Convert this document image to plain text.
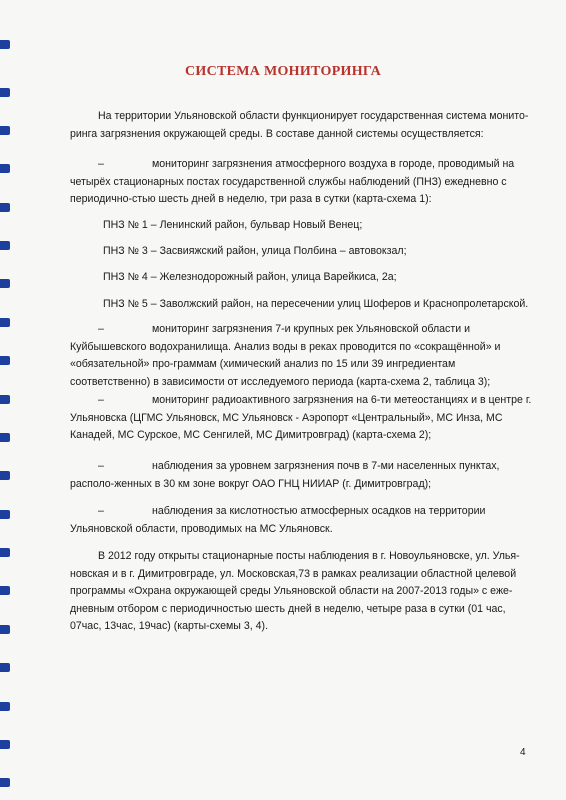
СИСТЕМА МОНИТОРИНГА
На территории Ульяновской области функционирует государственная система монито-ринга загрязнения окружающей среды. В составе данной системы осуществляется:
–	мониторинг загрязнения атмосферного воздуха в городе, проводимый на четырёх стационарных постах государственной службы наблюдений (ПНЗ) ежедневно с периодично-стью шесть дней в неделю, три раза в сутки (карта-схема 1):
ПНЗ № 1 – Ленинский район, бульвар Новый Венец;
ПНЗ № 3 – Засвияжский район, улица Полбина – автовокзал;
ПНЗ № 4 – Железнодорожный район, улица Варейкиса, 2а;
ПНЗ № 5 – Заволжский район, на пересечении улиц Шоферов и Краснопролетарской.
–	мониторинг загрязнения 7-и крупных рек Ульяновской области и Куйбышевского водохранилища. Анализ воды в реках проводится по «сокращённой» и «обязательной» про-граммам (химический анализ по 15 или 39 ингредиентам соответственно) в зависимости от исследуемого периода (карта-схема 2, таблица 3);
–	мониторинг радиоактивного загрязнения на 6-ти метеостанциях и в центре г. Ульяновска (ЦГМС Ульяновск, МС Ульяновск - Аэропорт «Центральный», МС Инза, МС Канадей, МС Сурское, МС Сенгилей, МС Димитровград) (карта-схема 2);
–	наблюдения за уровнем загрязнения почв в 7-ми населенных пунктах, располо-женных в 30 км зоне вокруг ОАО ГНЦ НИИАР (г. Димитровград);
–	наблюдения за кислотностью атмосферных осадков на территории Ульяновской области, проводимых на МС Ульяновск.
В 2012 году открыты стационарные посты наблюдения в г. Новоульяновске, ул. Улья-новская и в г. Димитровграде, ул. Московская,73 в рамках реализации областной целевой программы «Охрана окружающей среды Ульяновской области на 2007-2013 годы» с еже-дневным отбором с периодичностью шесть дней в неделю, четыре раза в сутки (01 час, 07час, 13час, 19час) (карты-схемы 3, 4).
4
